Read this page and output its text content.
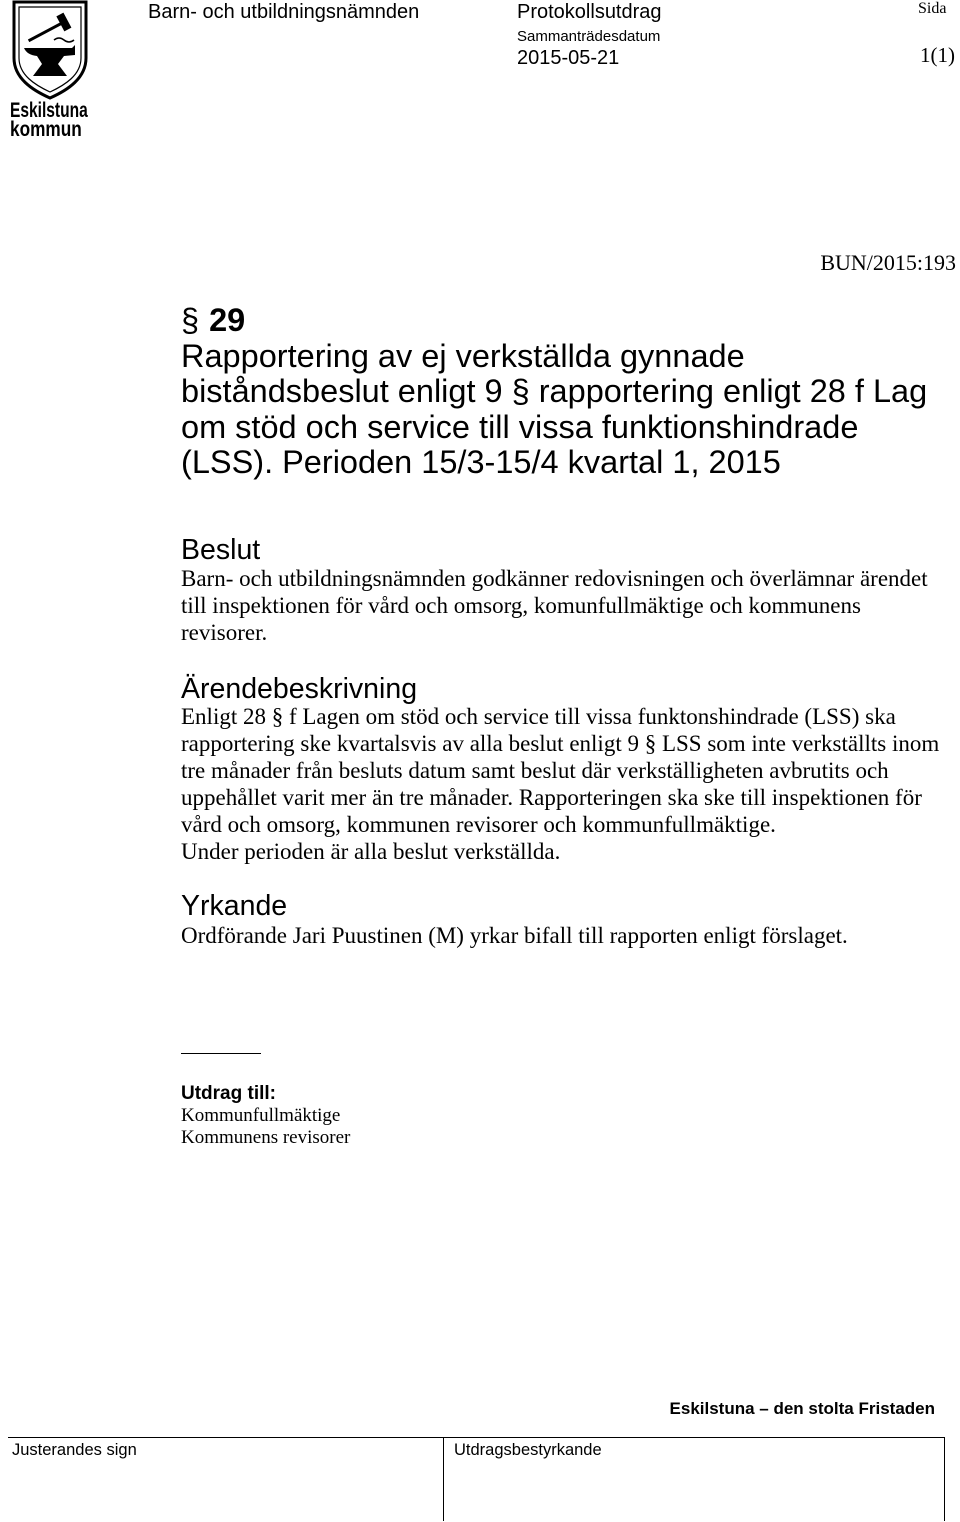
Eskilstuna
kommun
Barn- och utbildningsnämnden	Protokollsutdrag	Sida
Sammanträdesdatum
2015-05-21	1(1)
BUN/2015:193
§ 29
Rapportering av ej verkställda gynnade
biståndsbeslut enligt 9 § rapportering enligt 28 f Lag
om stöd och service till vissa funktionshindrade
(LSS). Perioden 15/3-15/4 kvartal 1, 2015
Beslut
Barn- och utbildningsnämnden godkänner redovisningen och överlämnar ärendet
till inspektionen för vård och omsorg, komunfullmäktige och kommunens
revisorer.
Ärendebeskrivning
Enligt 28 § f Lagen om stöd och service till vissa funktonshindrade (LSS) ska
rapportering ske kvartalsvis av alla beslut enligt 9 § LSS som inte verkställts inom
tre månader från besluts datum samt beslut där verkställigheten avbrutits och
uppehållet varit mer än tre månader. Rapporteringen ska ske till inspektionen för
vård och omsorg, kommunen revisorer och kommunfullmäktige.
Under perioden är alla beslut verkställda.
Yrkande
Ordförande Jari Puustinen (M) yrkar bifall till rapporten enligt förslaget.
Utdrag till:
Kommunfullmäktige
Kommunens revisorer
Eskilstuna – den stolta Fristaden
Justerandes sign	Utdragsbestyrkande
